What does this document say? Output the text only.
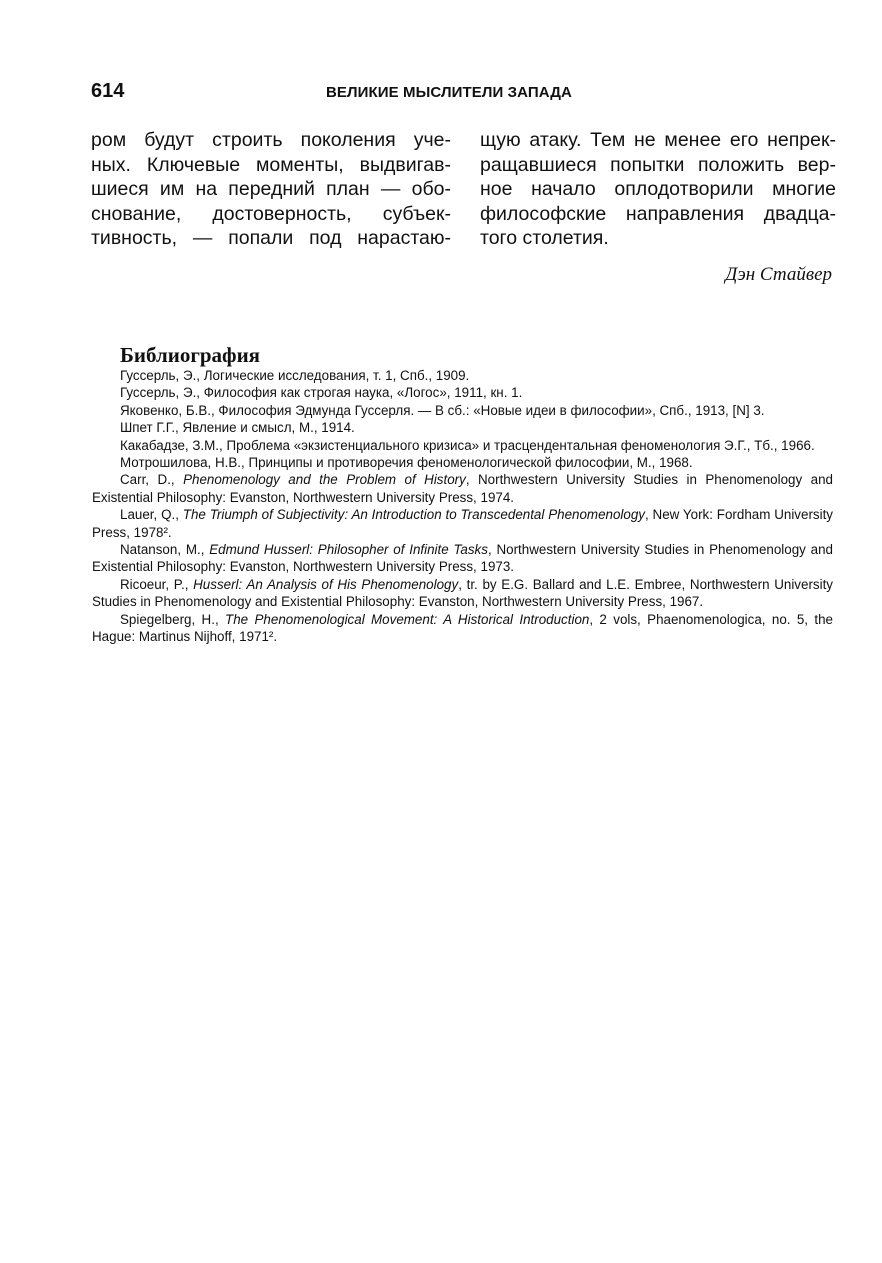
614	ВЕЛИКИЕ МЫСЛИТЕЛИ ЗАПАДА
ром будут строить поколения уче-
ных. Ключевые моменты, выдвигав-
шиеся им на передний план — обо-
снование, достоверность, субъек-
тивность, — попали под нарастаю-
щую атаку. Тем не менее его непрек-
ращавшиеся попытки положить вер-
ное начало оплодотворили многие
философские направления двадца-
того столетия.
Дэн Стайвер
Библиография

Гуссерль, Э., Логические исследования, т. 1, Спб., 1909.

Гуссерль, Э., Философия как строгая наука, «Логос», 1911, кн. 1.

Яковенко, Б.В., Философия Эдмунда Гуссерля. — В сб.: «Новые идеи в философии», Спб., 1913, [N] 3.

Шпет Г.Г., Явление и смысл, М., 1914.

Какабадзе, З.М., Проблема «экзистенциального кризиса» и трасцендентальная феноменология Э.Г., Тб., 1966.

Мотрошилова, Н.В., Принципы и противоречия феноменологической философии, М., 1968.

Carr, D., Phenomenology and the Problem of History, Northwestern University Studies in Phenomenology and Existential Philosophy: Evanston, Northwestern University Press, 1974.

Lauer, Q., The Triumph of Subjectivity: An Introduction to Transcedental Phenomenology, New York: Fordham University Press, 1978².

Natanson, M., Edmund Husserl: Philosopher of Infinite Tasks, Northwestern University Studies in Phenomenology and Existential Philosophy: Evanston, Northwestern University Press, 1973.

Ricoeur, P., Husserl: An Analysis of His Phenomenology, tr. by E.G. Ballard and L.E. Embree, Northwestern University Studies in Phenomenology and Existential Philosophy: Evanston, Northwestern University Press, 1967.

Spiegelberg, H., The Phenomenological Movement: A Historical Introduction, 2 vols, Phaenomenologica, no. 5, the Hague: Martinus Nijhoff, 1971².
